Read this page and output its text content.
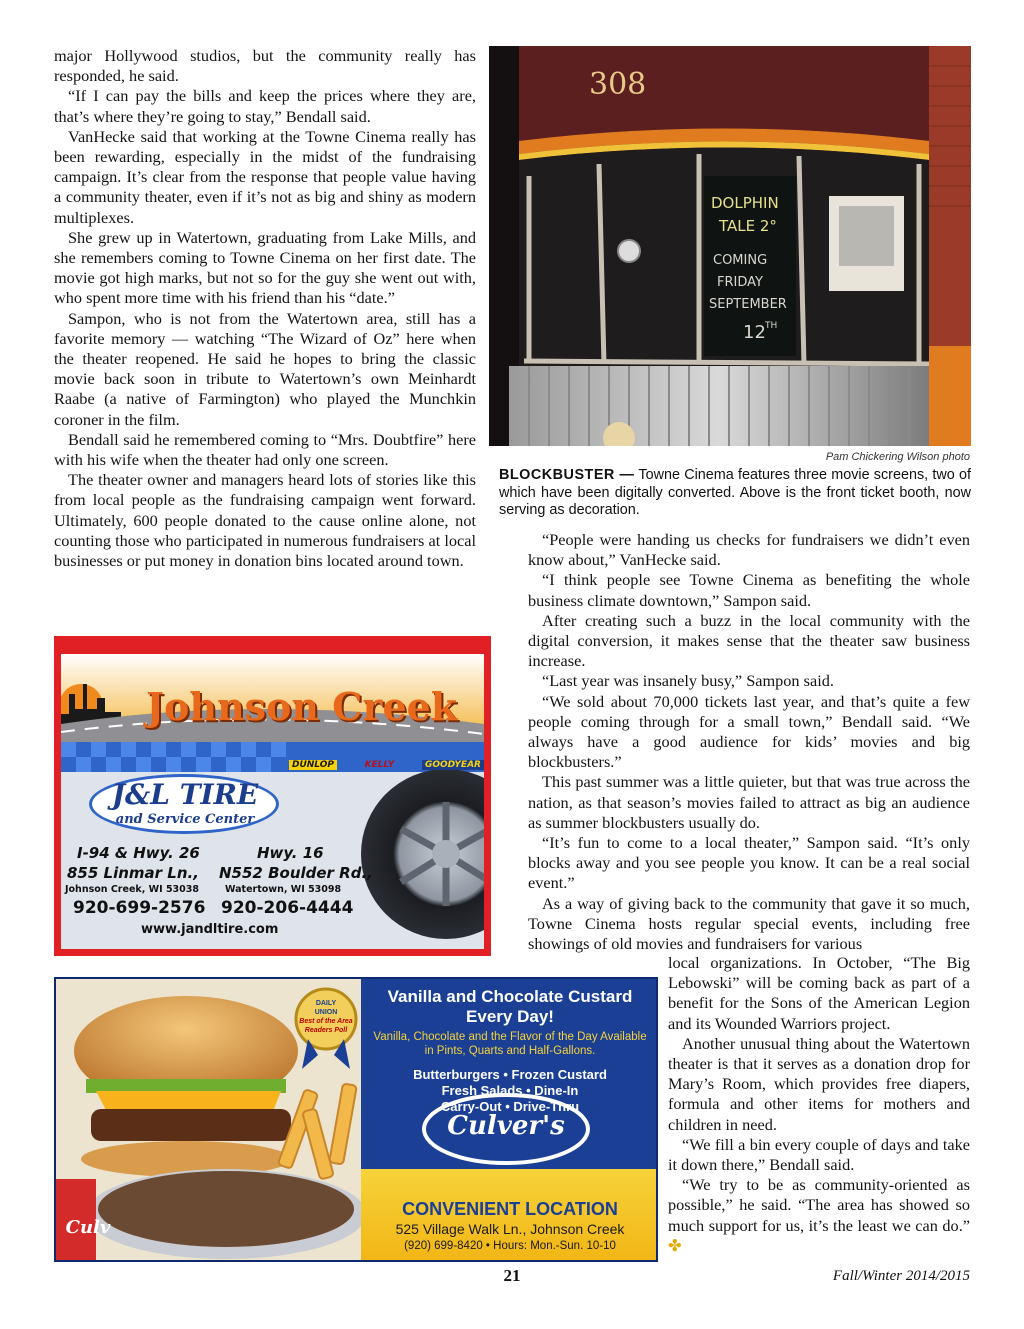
major Hollywood studios, but the community really has responded, he said.

“If I can pay the bills and keep the prices where they are, that’s where they’re going to stay,” Bendall said.

VanHecke said that working at the Towne Cinema really has been rewarding, especially in the midst of the fundraising campaign. It’s clear from the response that people value having a community theater, even if it’s not as big and shiny as modern multiplexes.

She grew up in Watertown, graduating from Lake Mills, and she remembers coming to Towne Cinema on her first date. The movie got high marks, but not so for the guy she went out with, who spent more time with his friend than his “date.”

Sampon, who is not from the Watertown area, still has a favorite memory — watching “The Wizard of Oz” here when the theater reopened. He said he hopes to bring the classic movie back soon in tribute to Watertown’s own Meinhardt Raabe (a native of Farmington) who played the Munchkin coroner in the film.

Bendall said he remembered coming to “Mrs. Doubtfire” here with his wife when the theater had only one screen.

The theater owner and managers heard lots of stories like this from local people as the fundraising campaign went forward. Ultimately, 600 people donated to the cause online alone, not counting those who participated in numerous fundraisers at local businesses or put money in donation bins located around town.

308
DOLPHIN
TALE 2°
COMING
FRIDAY
SEPTEMBER
12 TH
Pam Chickering Wilson photo
BLOCKBUSTER — Towne Cinema features three movie screens, two of which have been digitally converted. Above is the front ticket booth, now serving as decoration.

“People were handing us checks for fundraisers we didn’t even know about,” VanHecke said.

“I think people see Towne Cinema as benefiting the whole business climate downtown,” Sampon said.

After creating such a buzz in the local community with the digital conversion, it makes sense that the theater saw business increase.

“Last year was insanely busy,” Sampon said.

“We sold about 70,000 tickets last year, and that’s quite a few people coming through for a small town,” Bendall said. “We always have a good audience for kids’ movies and big blockbusters.”

This past summer was a little quieter, but that was true across the nation, as that season’s movies failed to attract as big an audience as summer blockbusters usually do.

“It’s fun to come to a local theater,” Sampon said. “It’s only blocks away and you see people you know. It can be a real social event.”

As a way of giving back to the community that gave it so much, Towne Cinema hosts regular special events, including free showings of old movies and fundraisers for various

local organizations. In October, “The Big Lebowski” will be coming back as part of a benefit for the Sons of the American Legion and its Wounded Warriors project.

Another unusual thing about the Watertown theater is that it serves as a donation drop for Mary’s Room, which provides free diapers, formula and other items for mothers and children in need.

“We fill a bin every couple of days and take it down there,” Bendall said.

“We try to be as community-oriented as possible,” he said. “The area has showed so much support for us, it’s the least we can do.” ✤

Johnson Creek
J&L TIRE
and Service Center
DUNLOP	KELLY	GOODYEAR
I-94 & Hwy. 26	Hwy. 16
855 Linmar Ln., N552 Boulder Rd.,
Johnson Creek, WI 53038	Watertown, WI 53098
920-699-2576 920-206-4444
www.jandltire.com
DAILY
UNION
Best of the Area
Readers Poll
Vanilla and Chocolate Custard Every Day!
Vanilla, Chocolate and the Flavor of the Day Available in Pints, Quarts and Half-Gallons.
Butterburgers • Frozen Custard
Fresh Salads • Dine-In
Carry-Out • Drive-Thru
Culver's
Culv
CONVENIENT LOCATION
525 Village Walk Ln., Johnson Creek
(920) 699-8420 • Hours: Mon.-Sun. 10-10
21	Fall/Winter 2014/2015
